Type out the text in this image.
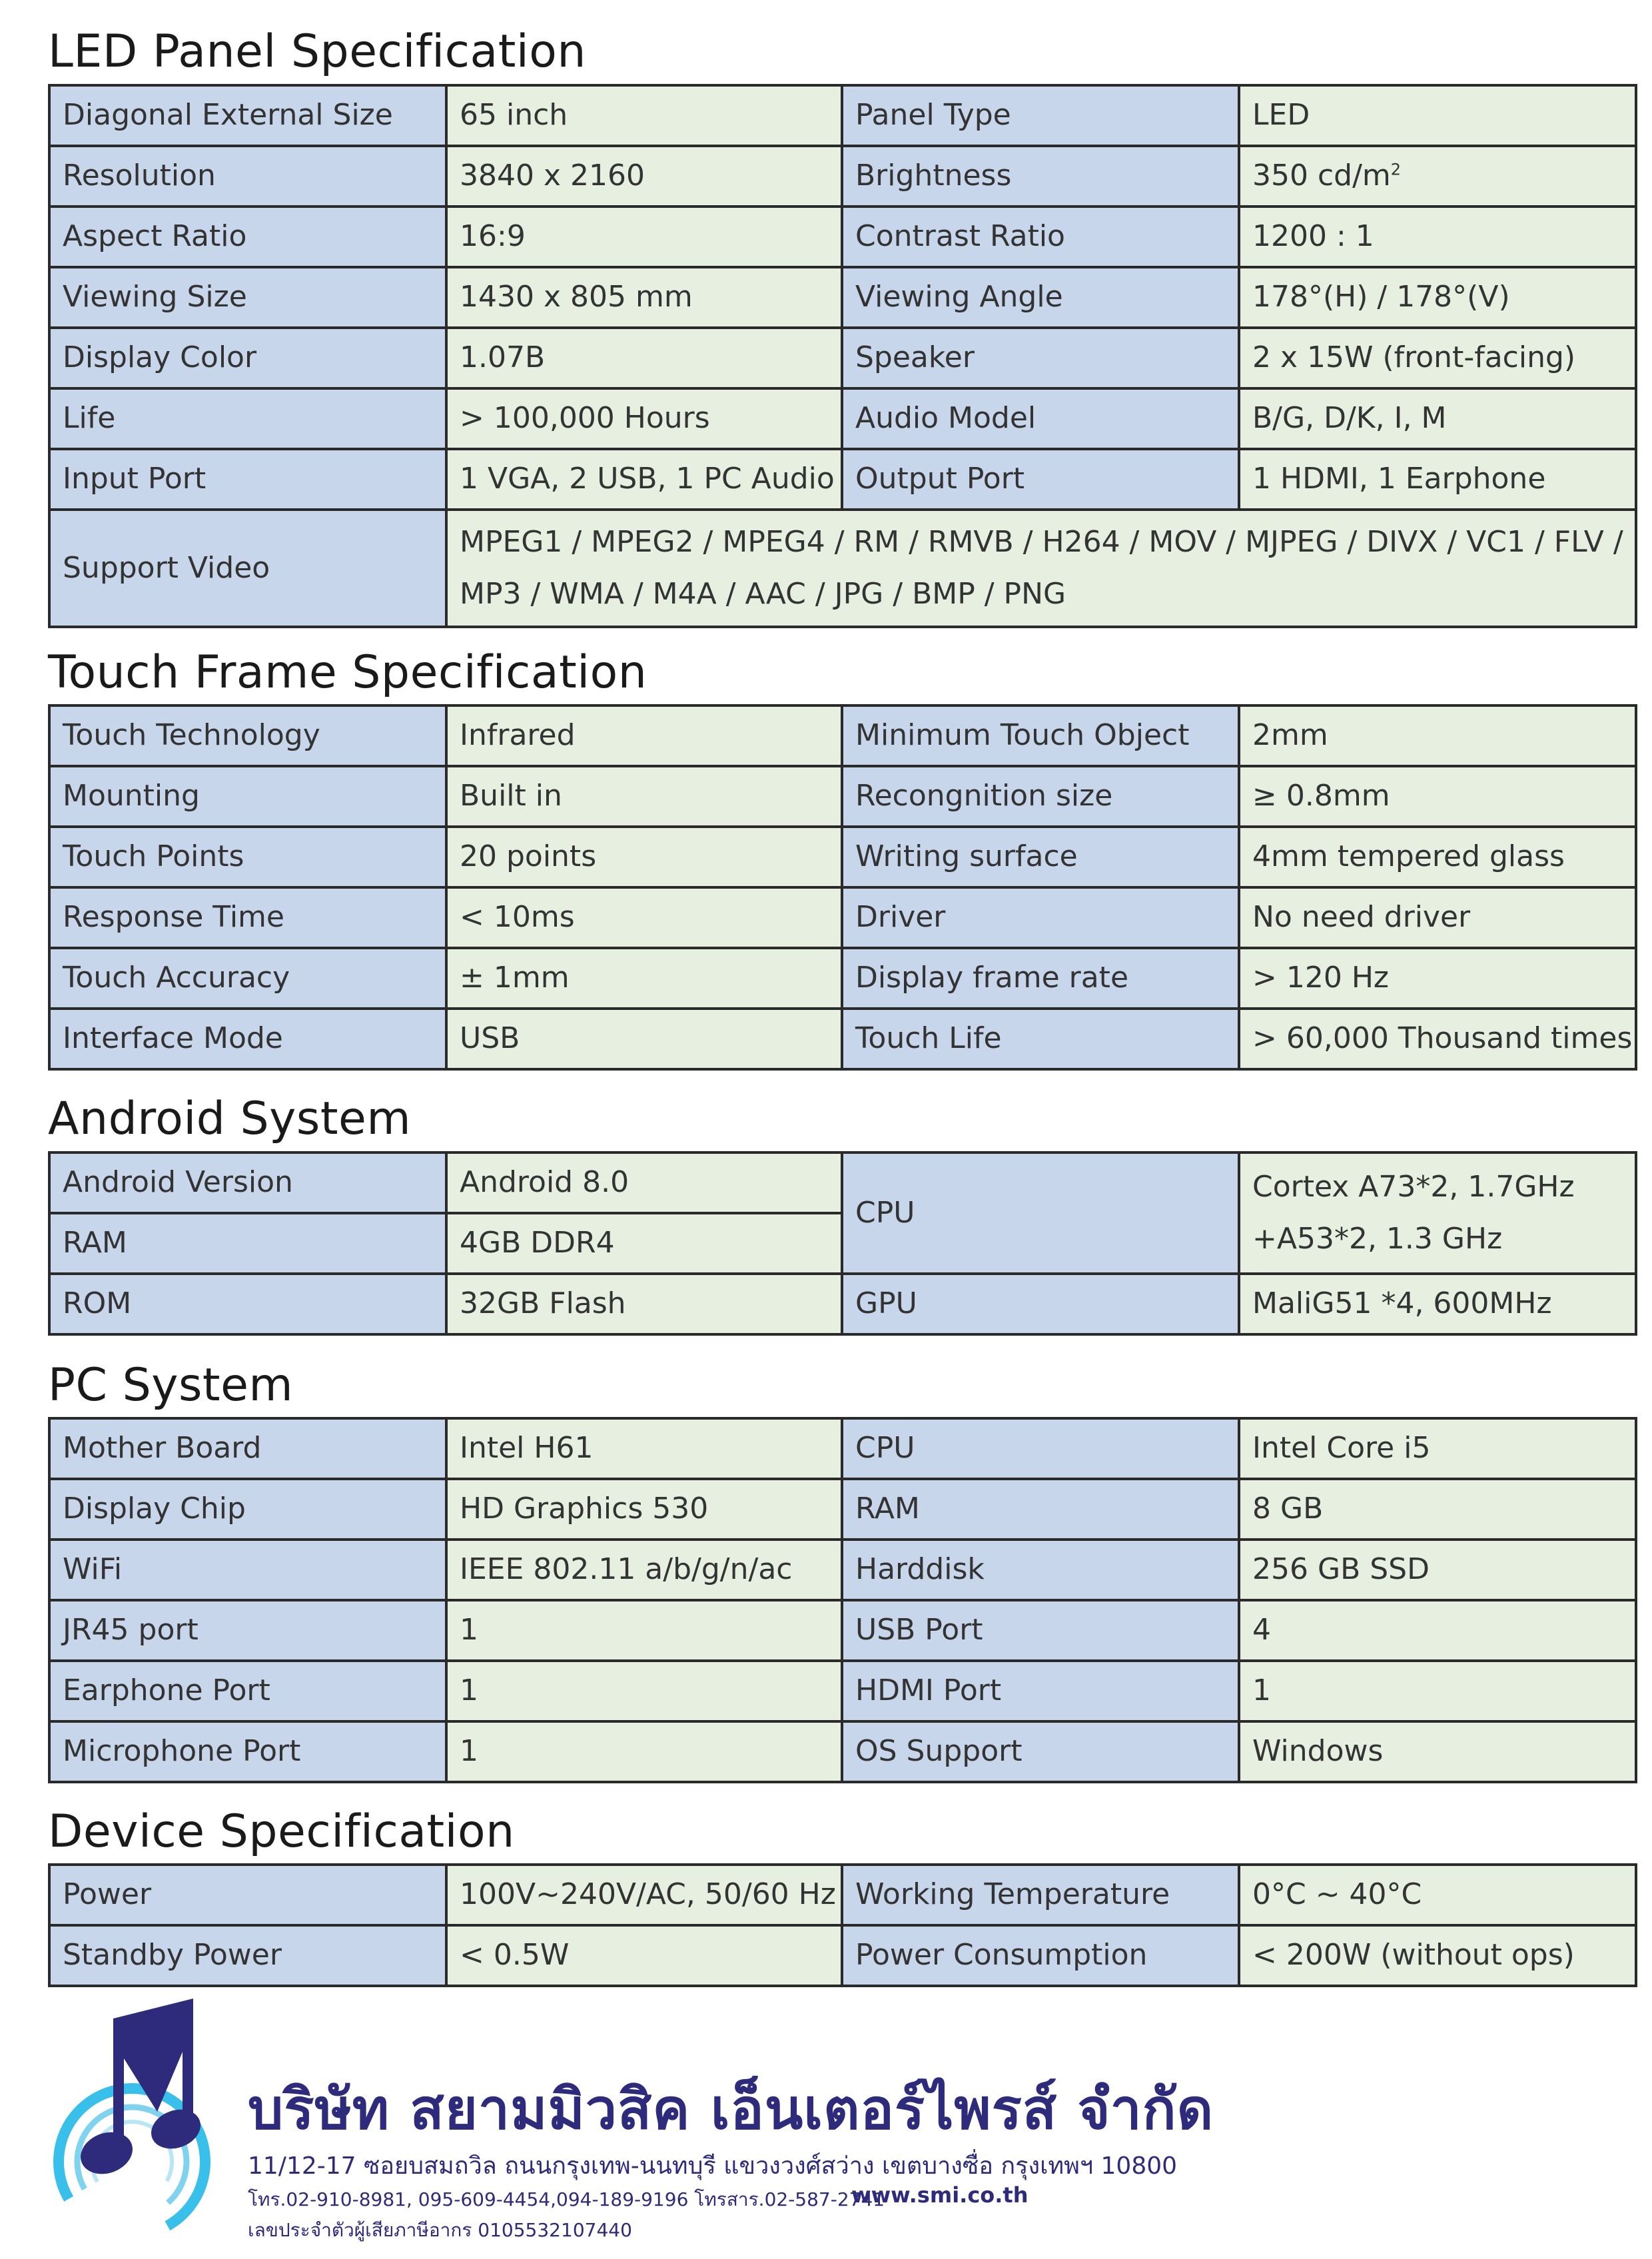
LED Panel Specification
Diagonal External Size	65 inch	Panel Type	LED
Resolution	3840 x 2160	Brightness	350 $cd/m^2$
Aspect Ratio	16:9	Contrast Ratio	1200 : 1
Viewing Size	1430 x 805 mm	Viewing Angle	178°(H) / 178°(V)
Display Color	1.07B	Speaker	2 x 15W (front-facing)
Life	> 100,000 Hours	Audio Model	B/G, D/K, I, M
Input Port	1 VGA, 2 USB, 1 PC Audio	Output Port	1 HDMI, 1 Earphone
Support Video	MPEG1 / MPEG2 / MPEG4 / RM / RMVB / H264 / MOV / MJPEG / DIVX / VC1 / FLV /
MP3 / WMA / M4A / AAC / JPG / BMP / PNG		
Touch Frame Specification
Touch Technology	Infrared	Minimum Touch Object	2mm
Mounting	Built in	Recongnition size	≥ 0.8mm
Touch Points	20 points	Writing surface	4mm tempered glass
Response Time	< 10ms	Driver	No need driver
Touch Accuracy	± 1mm	Display frame rate	> 120 Hz
Interface Mode	USB	Touch Life	> 60,000 Thousand times
Android System
Android Version	Android 8.0	CPU	Cortex A73*2, 1.7GHz
+A53*2, 1.3 GHz

RAM	4GB DDR4		
ROM	32GB Flash	GPU	MaliG51 *4, 600MHz
PC System
Mother Board	Intel H61	CPU	Intel Core i5
Display Chip	HD Graphics 530	RAM	8 GB
WiFi	IEEE 802.11 a/b/g/n/ac	Harddisk	256 GB SSD
JR45 port	1	USB Port	4
Earphone Port	1	HDMI Port	1
Microphone Port	1	OS Support	Windows
Device Specification
Power	100V~240V/AC, 50/60 Hz	Working Temperature	0°C ~ 40°C
Standby Power	< 0.5W	Power Consumption	< 200W (without ops)
บริษัท สยามมิวสิค เอ็นเตอร์ไพรส์ จำกัด
11/12-17 ซอยบสมถวิล ถนนกรุงเทพ-นนทบุรี แขวงวงศ์สว่าง เขตบางซื่อ กรุงเทพฯ 10800
โทร.02-910-8981, 095-609-4454,094-189-9196 โทรสาร.02-587-2741
www.smi.co.th
เลขประจำตัวผู้เสียภาษีอากร 0105532107440
